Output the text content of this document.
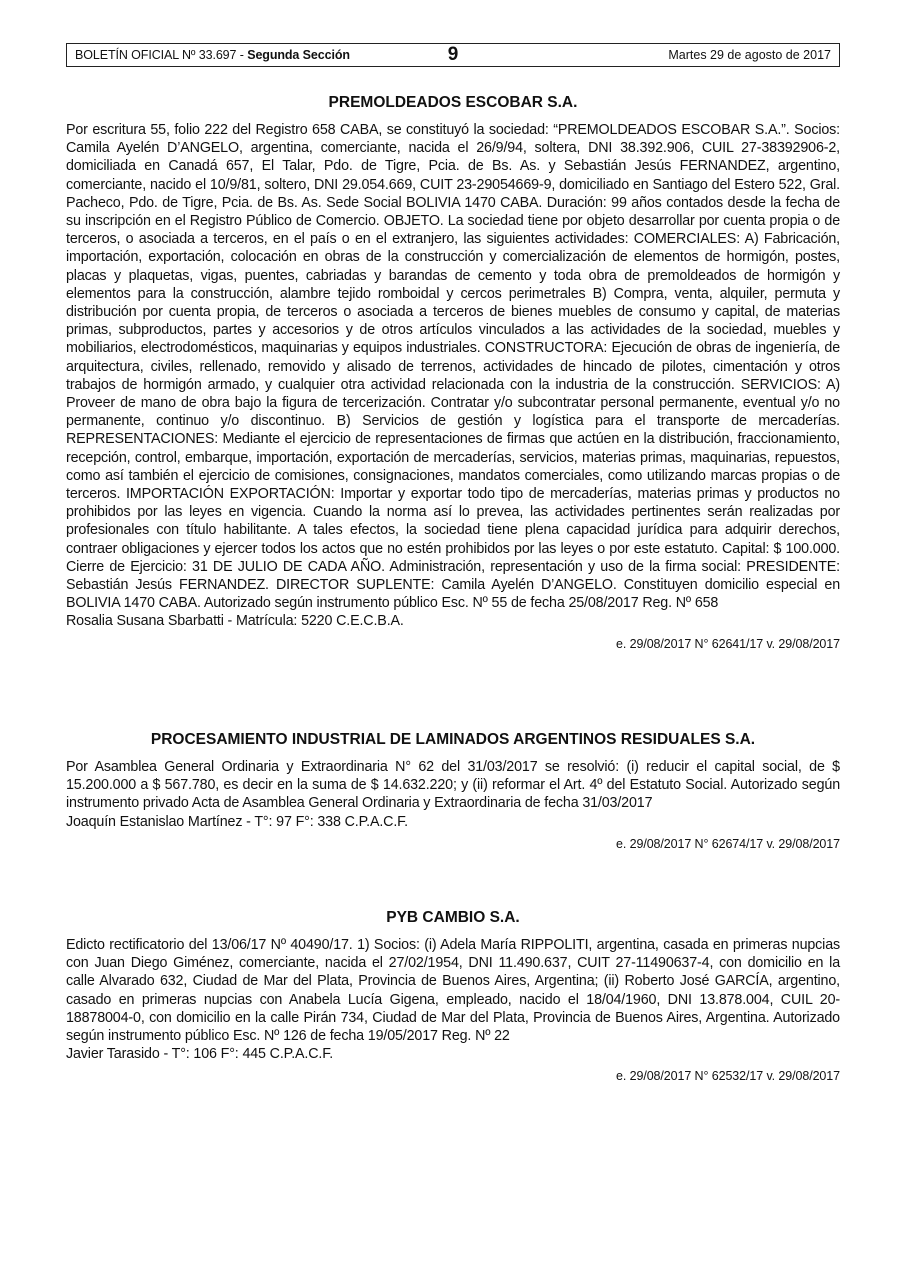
BOLETÍN OFICIAL Nº 33.697 - Segunda Sección	9	Martes 29 de agosto de 2017
PREMOLDEADOS ESCOBAR S.A.

Por escritura 55, folio 222 del Registro 658 CABA, se constituyó la sociedad: “PREMOLDEADOS ESCOBAR S.A.”. Socios: Camila Ayelén D’ANGELO, argentina, comerciante, nacida el 26/9/94, soltera, DNI 38.392.906, CUIL 27-38392906-2, domiciliada en Canadá 657, El Talar, Pdo. de Tigre, Pcia. de Bs. As. y Sebastián Jesús FERNANDEZ, argentino, comerciante, nacido el 10/9/81, soltero, DNI 29.054.669, CUIT 23-29054669-9, domiciliado en Santiago del Estero 522, Gral. Pacheco, Pdo. de Tigre, Pcia. de Bs. As. Sede Social BOLIVIA 1470 CABA. Duración: 99 años contados desde la fecha de su inscripción en el Registro Público de Comercio. OBJETO. La sociedad tiene por objeto desarrollar por cuenta propia o de terceros, o asociada a terceros, en el país o en el extranjero, las siguientes actividades: COMERCIALES: A) Fabricación, importación, exportación, colocación en obras de la construcción y comercialización de elementos de hormigón, postes, placas y plaquetas, vigas, puentes, cabriadas y barandas de cemento y toda obra de premoldeados de hormigón y elementos para la construcción, alambre tejido romboidal y cercos perimetrales B) Compra, venta, alquiler, permuta y distribución por cuenta propia, de terceros o asociada a terceros de bienes muebles de consumo y capital, de materias primas, subproductos, partes y accesorios y de otros artículos vinculados a las actividades de la sociedad, muebles y mobiliarios, electrodomésticos, maquinarias y equipos industriales. CONSTRUCTORA: Ejecución de obras de ingeniería, de arquitectura, civiles, rellenado, removido y alisado de terrenos, actividades de hincado de pilotes, cimentación y otros trabajos de hormigón armado, y cualquier otra actividad relacionada con la industria de la construcción. SERVICIOS: A) Proveer de mano de obra bajo la figura de tercerización. Contratar y/o subcontratar personal permanente, eventual y/o no permanente, continuo y/o discontinuo. B) Servicios de gestión y logística para el transporte de mercaderías. REPRESENTACIONES: Mediante el ejercicio de representaciones de firmas que actúen en la distribución, fraccionamiento, recepción, control, embarque, importación, exportación de mercaderías, servicios, materias primas, maquinarias, repuestos, como así también el ejercicio de comisiones, consignaciones, mandatos comerciales, como utilizando marcas propias o de terceros. IMPORTACIÓN EXPORTACIÓN: Importar y exportar todo tipo de mercaderías, materias primas y productos no prohibidos por las leyes en vigencia. Cuando la norma así lo prevea, las actividades pertinentes serán realizadas por profesionales con título habilitante. A tales efectos, la sociedad tiene plena capacidad jurídica para adquirir derechos, contraer obligaciones y ejercer todos los actos que no estén prohibidos por las leyes o por este estatuto. Capital: $ 100.000. Cierre de Ejercicio: 31 DE JULIO DE CADA AÑO. Administración, representación y uso de la firma social: PRESIDENTE: Sebastián Jesús FERNANDEZ. DIRECTOR SUPLENTE: Camila Ayelén D’ANGELO. Constituyen domicilio especial en BOLIVIA 1470 CABA. Autorizado según instrumento público Esc. Nº 55 de fecha 25/08/2017 Reg. Nº 658

Rosalia Susana Sbarbatti - Matrícula: 5220 C.E.C.B.A.
e. 29/08/2017 N° 62641/17 v. 29/08/2017
PROCESAMIENTO INDUSTRIAL DE LAMINADOS ARGENTINOS RESIDUALES S.A.

Por Asamblea General Ordinaria y Extraordinaria N° 62 del 31/03/2017 se resolvió: (i) reducir el capital social, de $ 15.200.000 a $ 567.780, es decir en la suma de $ 14.632.220; y (ii) reformar el Art. 4º del Estatuto Social. Autorizado según instrumento privado Acta de Asamblea General Ordinaria y Extraordinaria de fecha 31/03/2017

Joaquín Estanislao Martínez - T°: 97 F°: 338 C.P.A.C.F.
e. 29/08/2017 N° 62674/17 v. 29/08/2017
PYB CAMBIO S.A.

Edicto rectificatorio del 13/06/17 Nº 40490/17. 1) Socios: (i) Adela María RIPPOLITI, argentina, casada en primeras nupcias con Juan Diego Giménez, comerciante, nacida el 27/02/1954, DNI 11.490.637, CUIT 27-11490637-4, con domicilio en la calle Alvarado 632, Ciudad de Mar del Plata, Provincia de Buenos Aires, Argentina; (ii) Roberto José GARCÍA, argentino, casado en primeras nupcias con Anabela Lucía Gigena, empleado, nacido el 18/04/1960, DNI 13.878.004, CUIL 20-18878004-0, con domicilio en la calle Pirán 734, Ciudad de Mar del Plata, Provincia de Buenos Aires, Argentina. Autorizado según instrumento público Esc. Nº 126 de fecha 19/05/2017 Reg. Nº 22

Javier Tarasido - T°: 106 F°: 445 C.P.A.C.F.
e. 29/08/2017 N° 62532/17 v. 29/08/2017
